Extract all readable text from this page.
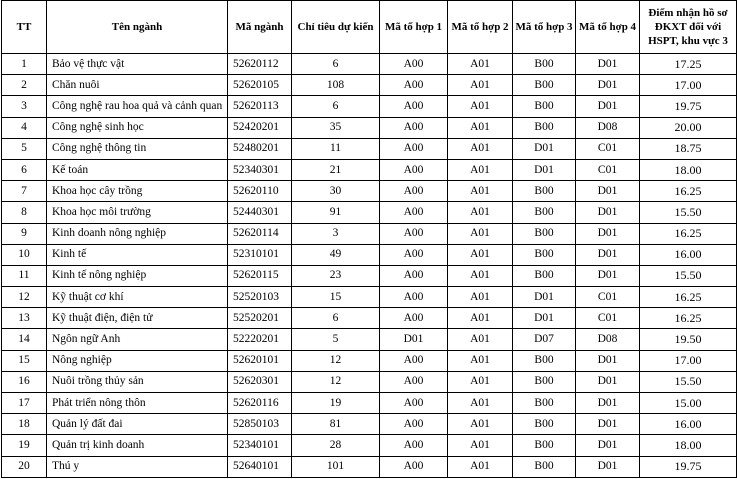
TT	Tên ngành	Mã ngành	Chỉ tiêu dự kiến	Mã tổ hợp 1	Mã tổ hợp 2	Mã tổ hợp 3	Mã tổ hợp 4	Điểm nhận hồ sơ ĐKXT đối với HSPT, khu vực 3
1	Bảo vệ thực vật	52620112	6	A00	A01	B00	D01	17.25
2	Chăn nuôi	52620105	108	A00	A01	B00	D01	17.00
3	Công nghệ rau hoa quả và cảnh quan	52620113	6	A00	A01	B00	D01	19.75
4	Công nghệ sinh học	52420201	35	A00	A01	B00	D08	20.00
5	Công nghệ thông tin	52480201	11	A00	A01	D01	C01	18.75
6	Kế toán	52340301	21	A00	A01	D01	C01	18.00
7	Khoa học cây trồng	52620110	30	A00	A01	B00	D01	16.25
8	Khoa học môi trường	52440301	91	A00	A01	B00	D01	15.50
9	Kinh doanh nông nghiệp	52620114	3	A00	A01	B00	D01	16.25
10	Kinh tế	52310101	49	A00	A01	B00	D01	16.00
11	Kinh tế nông nghiệp	52620115	23	A00	A01	B00	D01	15.50
12	Kỹ thuật cơ khí	52520103	15	A00	A01	D01	C01	16.25
13	Kỹ thuật điện, điện tử	52520201	6	A00	A01	D01	C01	16.25
14	Ngôn ngữ Anh	52220201	5	D01	A01	D07	D08	19.50
15	Nông nghiệp	52620101	12	A00	A01	B00	D01	17.00
16	Nuôi trồng thủy sản	52620301	12	A00	A01	B00	D01	15.50
17	Phát triển nông thôn	52620116	19	A00	A01	B00	D01	15.00
18	Quản lý đất đai	52850103	81	A00	A01	B00	D01	16.00
19	Quản trị kinh doanh	52340101	28	A00	A01	B00	D01	18.00
20	Thú y	52640101	101	A00	A01	B00	D01	19.75
